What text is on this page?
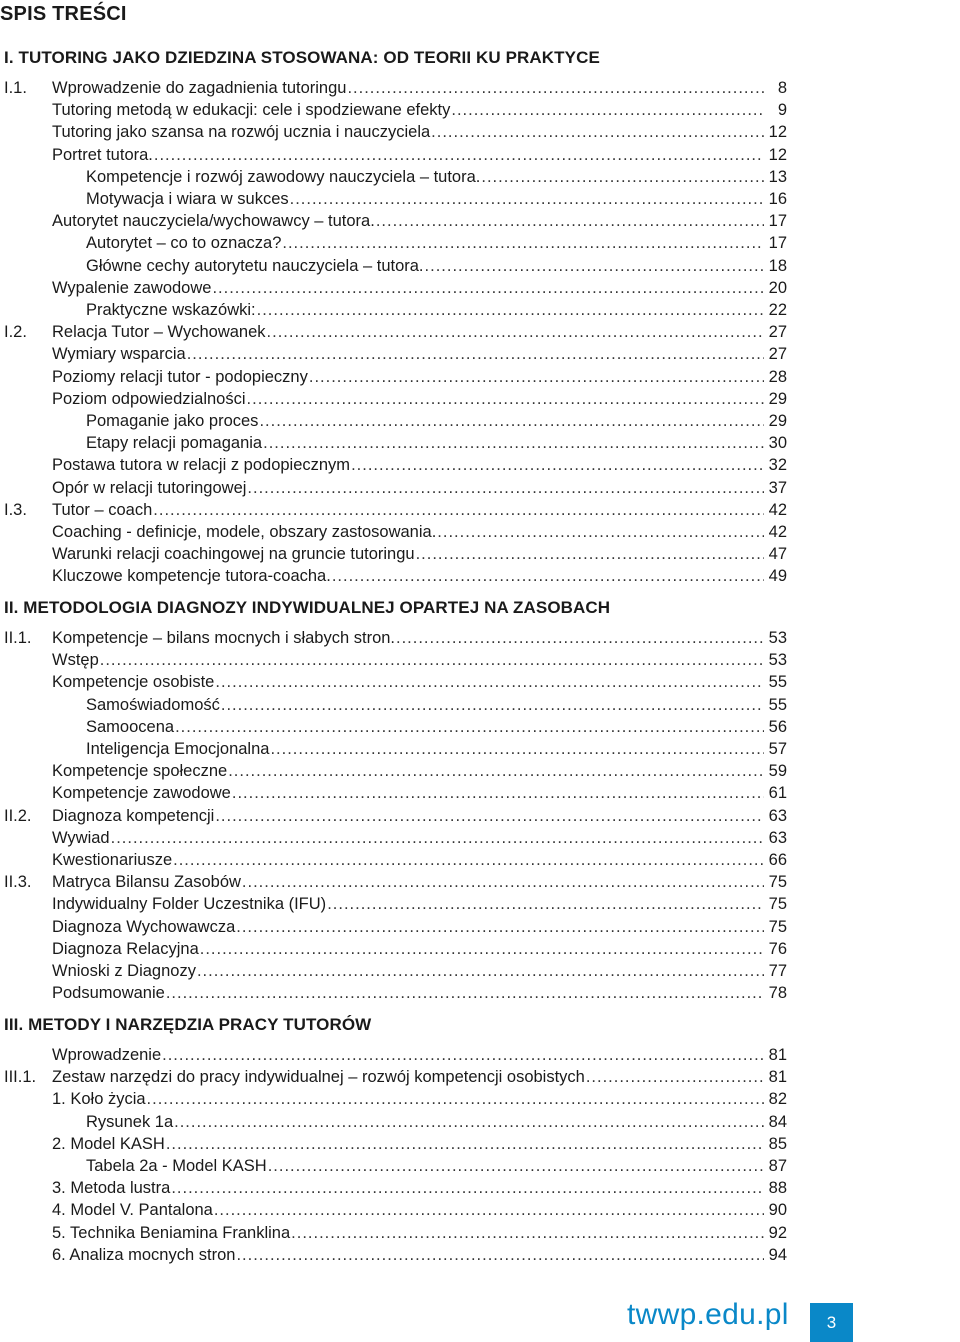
SPIS TREŚCI
I. TUTORING JAKO DZIEDZINA STOSOWANA: OD TEORII KU PRAKTYCE
I.1.	Wprowadzenie do zagadnienia tutoringu .....	8
Tutoring metodą w edukacji: cele i spodziewane efekty .....	9
Tutoring jako szansa na rozwój ucznia i nauczyciela .....	12
Portret tutora. .....	12
Kompetencje i rozwój zawodowy nauczyciela – tutora. .....	13
Motywacja i wiara w sukces .....	16
Autorytet nauczyciela/wychowawcy – tutora. .....	17
Autorytet – co to oznacza? .....	17
Główne cechy autorytetu nauczyciela – tutora. .....	18
Wypalenie zawodowe .....	20
Praktyczne wskazówki: .....	22
I.2.	Relacja Tutor – Wychowanek .....	27
Wymiary wsparcia .....	27
Poziomy relacji tutor - podopieczny .....	28
Poziom odpowiedzialności .....	29
Pomaganie jako proces .....	29
Etapy relacji pomagania .....	30
Postawa tutora w relacji z podopiecznym .....	32
Opór w relacji tutoringowej .....	37
I.3.	Tutor – coach .....	42
Coaching - definicje, modele, obszary zastosowania. .....	42
Warunki relacji coachingowej na gruncie tutoringu .....	47
Kluczowe kompetencje tutora-coacha. .....	49
II. METODOLOGIA DIAGNOZY INDYWIDUALNEJ OPARTEJ NA ZASOBACH
II.1.	Kompetencje – bilans mocnych i słabych stron. .....	53
Wstęp .....	53
Kompetencje osobiste .....	55
Samoświadomość .....	55
Samoocena .....	56
Inteligencja Emocjonalna .....	57
Kompetencje społeczne .....	59
Kompetencje zawodowe .....	61
II.2.	Diagnoza kompetencji .....	63
Wywiad .....	63
Kwestionariusze .....	66
II.3.	Matryca Bilansu Zasobów .....	75
Indywidualny Folder Uczestnika (IFU) .....	75
Diagnoza Wychowawcza .....	75
Diagnoza Relacyjna .....	76
Wnioski z Diagnozy .....	77
Podsumowanie .....	78
III. METODY I NARZĘDZIA PRACY TUTORÓW
Wprowadzenie .....	81
III.1. Zestaw narzędzi do pracy indywidualnej – rozwój kompetencji osobistych .....	81
1. Koło życia .....	82
Rysunek 1a .....	84
2. Model KASH .....	85
Tabela 2a - Model KASH .....	87
3. Metoda lustra .....	88
4. Model V. Pantalona .....	90
5. Technika Beniamina Franklina .....	92
6. Analiza mocnych stron .....	94
twwp.edu.pl	3
